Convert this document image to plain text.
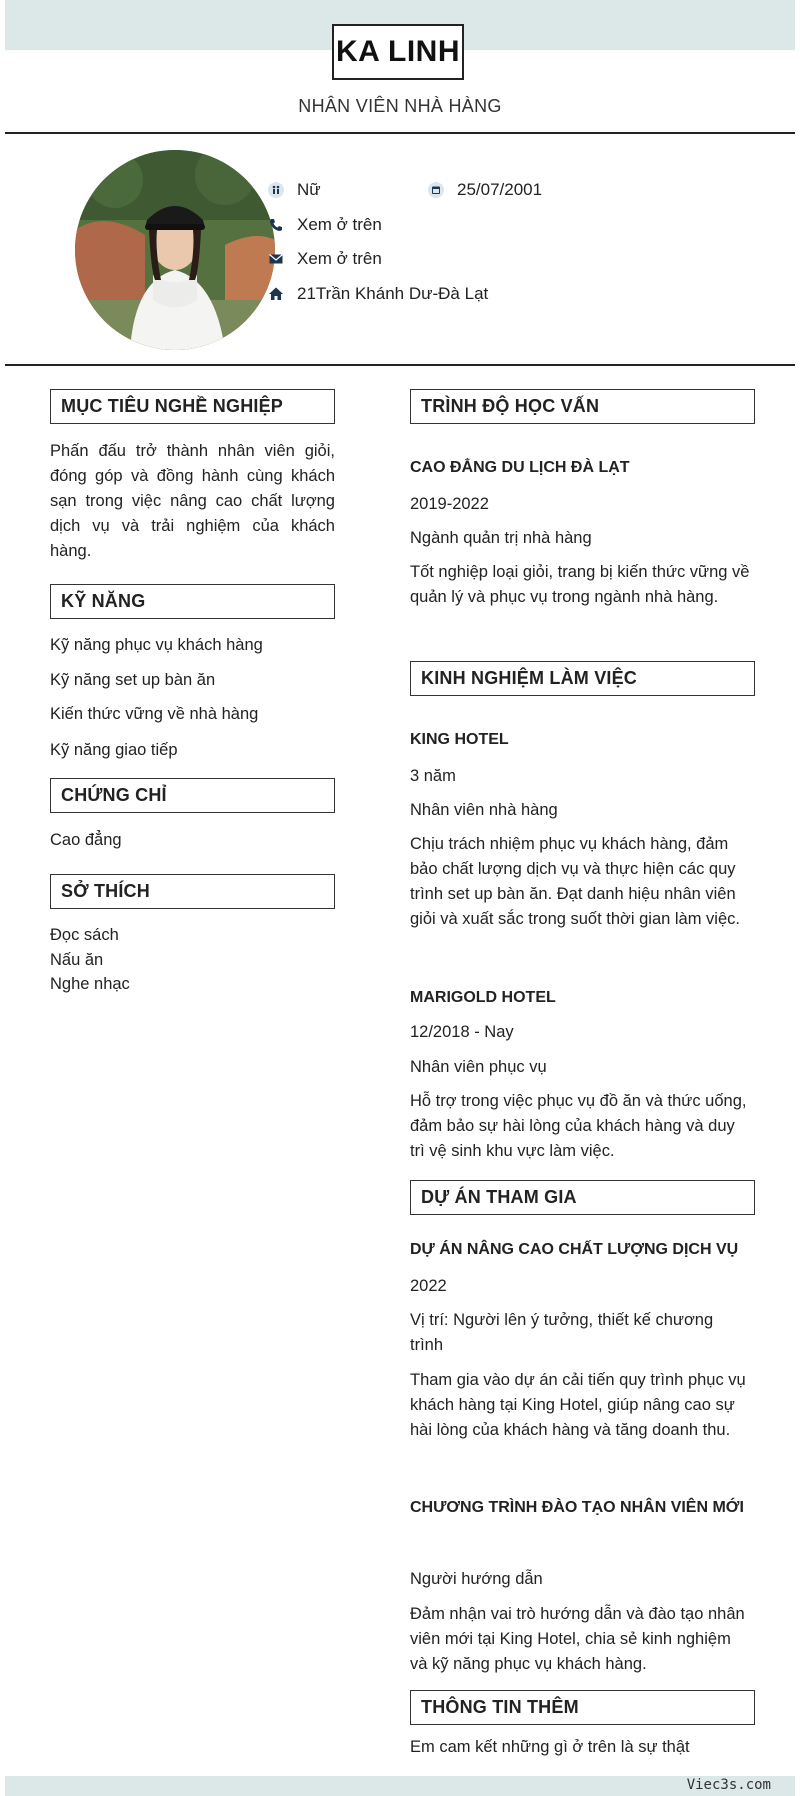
KA LINH
NHÂN VIÊN NHÀ HÀNG
Nữ	25/07/2001
Xem ở trên
Xem ở trên
21Trần Khánh Dư-Đà Lạt
MỤC TIÊU NGHỀ NGHIỆP
Phấn đấu trở thành nhân viên giỏi, đóng góp và đồng hành cùng khách sạn trong việc nâng cao chất lượng dịch vụ và trải nghiệm của khách hàng.
KỸ NĂNG
Kỹ năng phục vụ khách hàng
Kỹ năng set up bàn ăn
Kiến thức vững về nhà hàng
Kỹ năng giao tiếp
CHỨNG CHỈ
Cao đẳng
SỞ THÍCH
Đọc sách
Nấu ăn
Nghe nhạc
TRÌNH ĐỘ HỌC VẤN
CAO ĐẲNG DU LỊCH ĐÀ LẠT
2019-2022
Ngành quản trị nhà hàng
Tốt nghiệp loại giỏi, trang bị kiến thức vững về quản lý và phục vụ trong ngành nhà hàng.
KINH NGHIỆM LÀM VIỆC
KING HOTEL
3 năm
Nhân viên nhà hàng
Chịu trách nhiệm phục vụ khách hàng, đảm bảo chất lượng dịch vụ và thực hiện các quy trình set up bàn ăn. Đạt danh hiệu nhân viên giỏi và xuất sắc trong suốt thời gian làm việc.
MARIGOLD HOTEL
12/2018 - Nay
Nhân viên phục vụ
Hỗ trợ trong việc phục vụ đồ ăn và thức uống, đảm bảo sự hài lòng của khách hàng và duy trì vệ sinh khu vực làm việc.
DỰ ÁN THAM GIA
DỰ ÁN NÂNG CAO CHẤT LƯỢNG DỊCH VỤ
2022
Vị trí: Người lên ý tưởng, thiết kế chương trình
Tham gia vào dự án cải tiến quy trình phục vụ khách hàng tại King Hotel, giúp nâng cao sự hài lòng của khách hàng và tăng doanh thu.
CHƯƠNG TRÌNH ĐÀO TẠO NHÂN VIÊN MỚI
Người hướng dẫn
Đảm nhận vai trò hướng dẫn và đào tạo nhân viên mới tại King Hotel, chia sẻ kinh nghiệm và kỹ năng phục vụ khách hàng.
THÔNG TIN THÊM
Em cam kết những gì ở trên là sự thật
Viec3s.com
